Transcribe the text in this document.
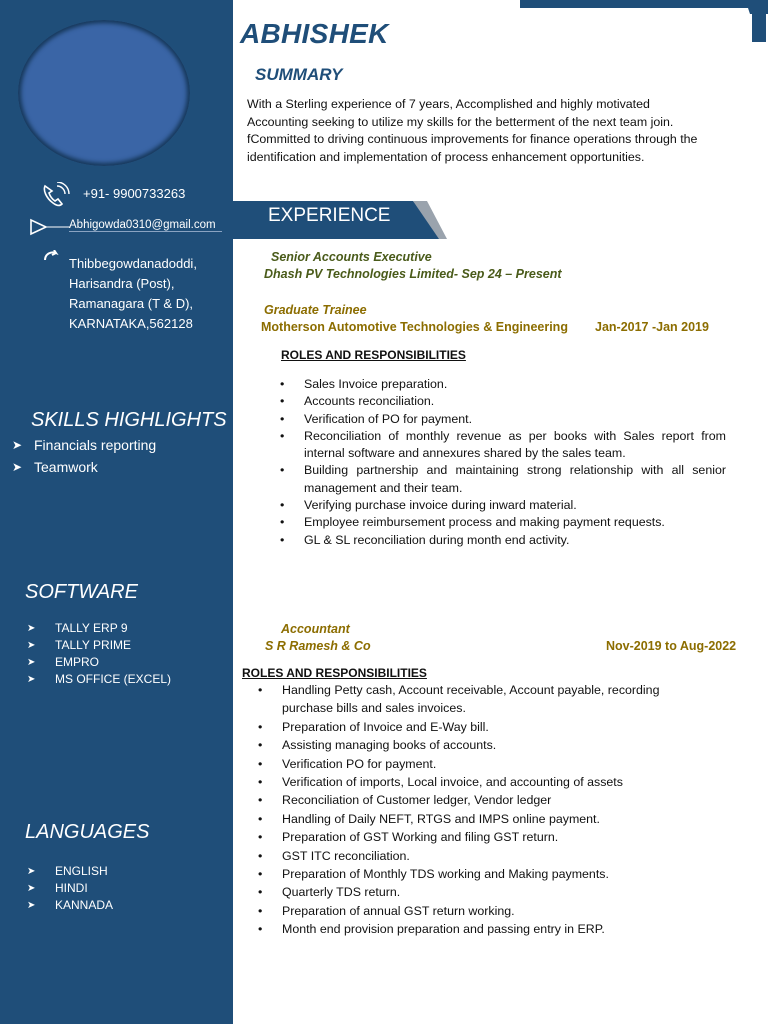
+91- 9900733263
Abhigowda0310@gmail.com
Thibbegowdanadoddi,
Harisandra (Post),
Ramanagara (T & D),
KARNATAKA,562128
SKILLS HIGHLIGHTS
➤ Financials reporting
➤ Teamwork
SOFTWARE
➤ TALLY ERP 9
➤ TALLY PRIME
➤ EMPRO
➤ MS OFFICE (EXCEL)
LANGUAGES
➤ ENGLISH
➤ HINDI
➤ KANNADA
ABHISHEK
SUMMARY
With a Sterling experience of 7 years, Accomplished and highly motivated
Accounting seeking to utilize my skills for the betterment of the next team join.
fCommitted to driving continuous improvements for finance operations through the
identification and implementation of process enhancement opportunities.
EXPERIENCE
Senior Accounts Executive
Dhash PV Technologies Limited- Sep 24 – Present
Graduate Trainee
Motherson Automotive Technologies & Engineering Jan-2017 -Jan 2019
ROLES AND RESPONSIBILITIES
• Sales Invoice preparation.
• Accounts reconciliation.
• Verification of PO for payment.
• Reconciliation of monthly revenue as per books with Sales report from internal software and annexures shared by the sales team.
• Building partnership and maintaining strong relationship with all senior management and their team.
• Verifying purchase invoice during inward material.
• Employee reimbursement process and making payment requests.
• GL & SL reconciliation during month end activity.
Accountant
S R Ramesh & Co	Nov-2019 to Aug-2022
ROLES AND RESPONSIBILITIES
• Handling Petty cash, Account receivable, Account payable, recording purchase bills and sales invoices.
• Preparation of Invoice and E-Way bill.
• Assisting managing books of accounts.
• Verification PO for payment.
• Verification of imports, Local invoice, and accounting of assets
• Reconciliation of Customer ledger, Vendor ledger
• Handling of Daily NEFT, RTGS and IMPS online payment.
• Preparation of GST Working and filing GST return.
• GST ITC reconciliation.
• Preparation of Monthly TDS working and Making payments.
• Quarterly TDS return.
• Preparation of annual GST return working.
• Month end provision preparation and passing entry in ERP.
